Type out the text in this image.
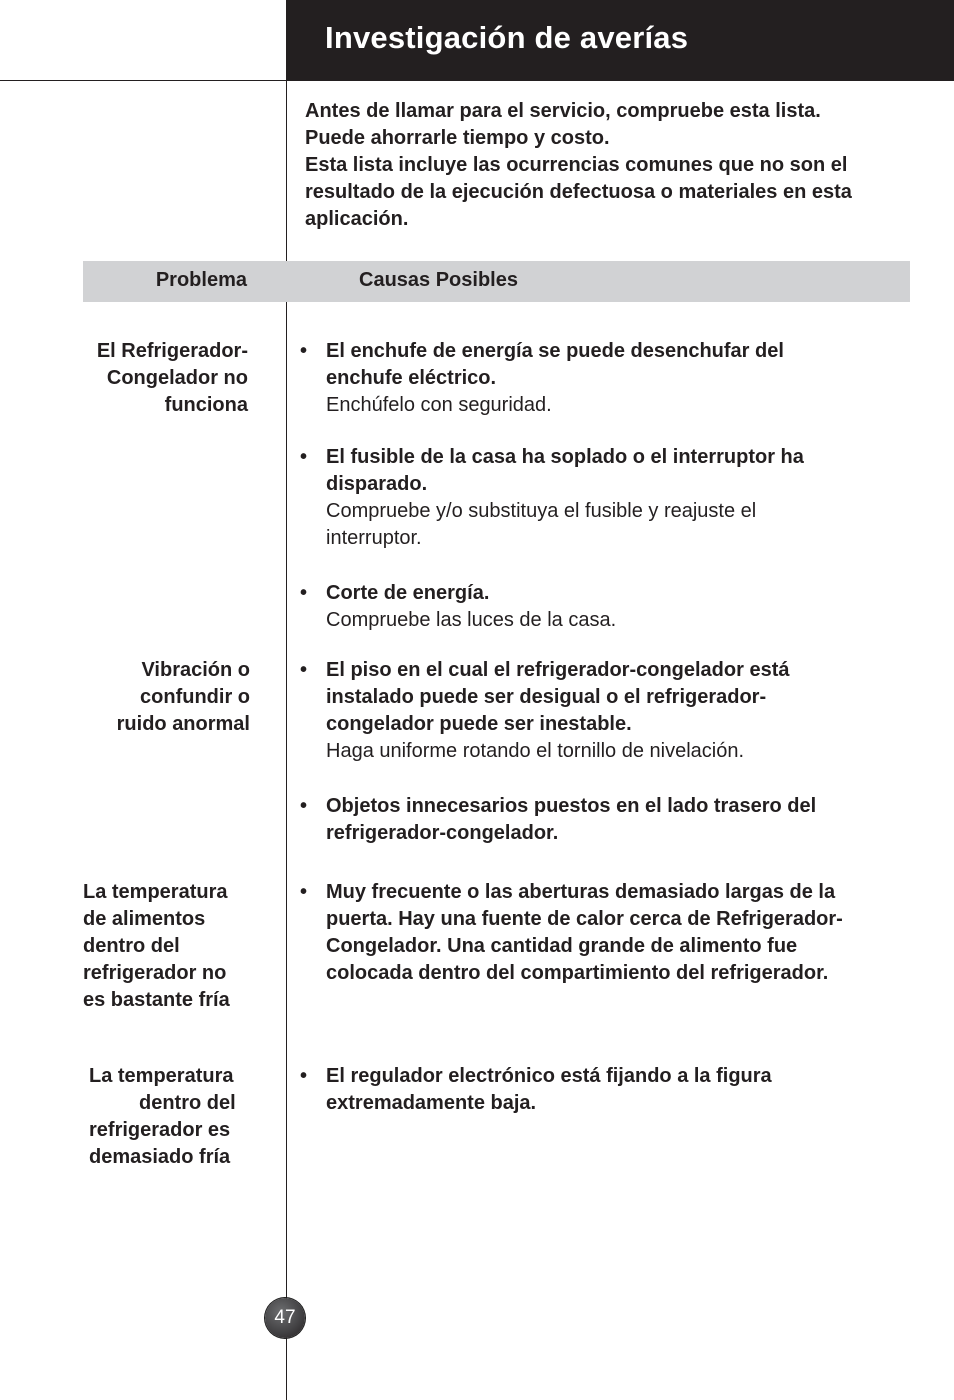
Investigación de averías

Antes de llamar para el servicio, compruebe esta lista.

Puede ahorrarle tiempo y costo.

Esta lista incluye las ocurrencias comunes que no son el

resultado de la ejecución defectuosa o materiales en esta

aplicación.

Problema	Causas Posibles
El Refrigerador-
Congelador no
funciona
• El enchufe de energía se puede desenchufar del
enchufe eléctrico.
Enchúfelo con seguridad.
• El fusible de la casa ha soplado o el interruptor ha
disparado.
Compruebe y/o substituya el fusible y reajuste el
interruptor.
• Corte de energía.
Compruebe las luces de la casa.
Vibración o
confundir o
ruido anormal
• El piso en el cual el refrigerador-congelador está
instalado puede ser desigual o el refrigerador-
congelador puede ser inestable.
Haga uniforme rotando el tornillo de nivelación.
• Objetos innecesarios puestos en el lado trasero del
refrigerador-congelador.
La temperatura
de alimentos
dentro del
refrigerador no
es bastante fría
• Muy frecuente o las aberturas demasiado largas de la
puerta. Hay una fuente de calor cerca de Refrigerador-
Congelador. Una cantidad grande de alimento fue
colocada dentro del compartimiento del refrigerador.
La temperatura
dentro del
refrigerador es
demasiado fría
• El regulador electrónico está fijando a la figura
extremadamente baja.
47
